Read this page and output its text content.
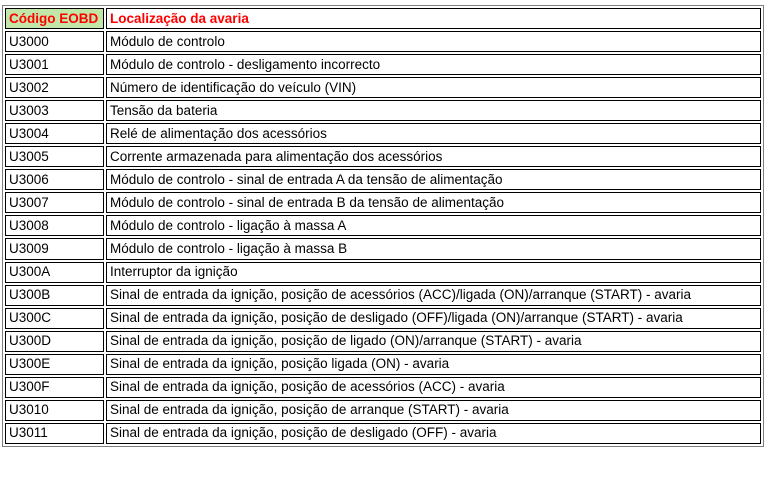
Código EOBD	Localização da avaria
U3000	Módulo de controlo
U3001	Módulo de controlo - desligamento incorrecto
U3002	Número de identificação do veículo (VIN)
U3003	Tensão da bateria
U3004	Relé de alimentação dos acessórios
U3005	Corrente armazenada para alimentação dos acessórios
U3006	Módulo de controlo - sinal de entrada A da tensão de alimentação
U3007	Módulo de controlo - sinal de entrada B da tensão de alimentação
U3008	Módulo de controlo - ligação à massa A
U3009	Módulo de controlo - ligação à massa B
U300A	Interruptor da ignição
U300B	Sinal de entrada da ignição, posição de acessórios (ACC)/ligada (ON)/arranque (START) - avaria
U300C	Sinal de entrada da ignição, posição de desligado (OFF)/ligada (ON)/arranque (START) - avaria
U300D	Sinal de entrada da ignição, posição de ligado (ON)/arranque (START) - avaria
U300E	Sinal de entrada da ignição, posição ligada (ON) - avaria
U300F	Sinal de entrada da ignição, posição de acessórios (ACC) - avaria
U3010	Sinal de entrada da ignição, posição de arranque (START) - avaria
U3011	Sinal de entrada da ignição, posição de desligado (OFF) - avaria
